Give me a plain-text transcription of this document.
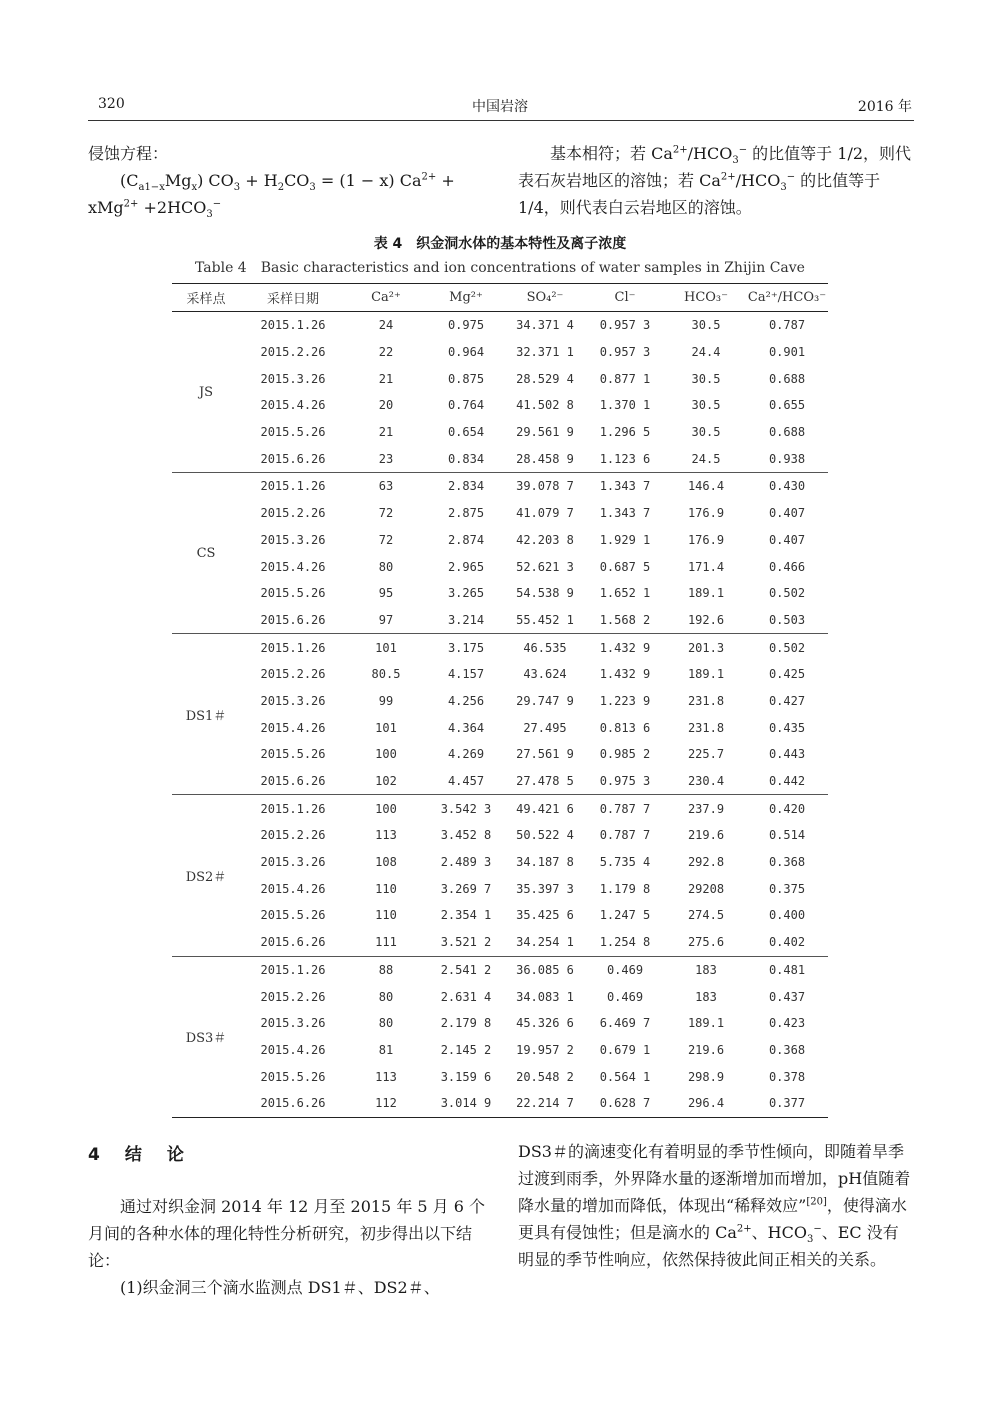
320	中国岩溶	2016 年
侵蚀方程：
$(C_{a1-x}Mg_x) CO_3 + H_2CO_3 = (1 - x) Ca^{2+}$ +
$xMg^{2+} +2HCO_3^-$
基本相符；若 $Ca^{2+}/HCO_3^-$ 的比值等于 1/2，则代表石灰岩地区的溶蚀；若 $Ca^{2+}/HCO_3^-$ 的比值等于 1/4，则代表白云岩地区的溶蚀。
表 4　织金洞水体的基本特性及离子浓度
Table 4　Basic characteristics and ion concentrations of water samples in Zhijin Cave
采样点	采样日期	Ca²⁺	Mg²⁺	SO₄²⁻	Cl⁻	HCO₃⁻	Ca²⁺/HCO₃⁻
JS	2015.1.26	24	0.975	34.371 4	0.957 3	30.5	0.787
	2015.2.26	22	0.964	32.371 1	0.957 3	24.4	0.901
	2015.3.26	21	0.875	28.529 4	0.877 1	30.5	0.688
	2015.4.26	20	0.764	41.502 8	1.370 1	30.5	0.655
	2015.5.26	21	0.654	29.561 9	1.296 5	30.5	0.688
	2015.6.26	23	0.834	28.458 9	1.123 6	24.5	0.938
CS	2015.1.26	63	2.834	39.078 7	1.343 7	146.4	0.430
	2015.2.26	72	2.875	41.079 7	1.343 7	176.9	0.407
	2015.3.26	72	2.874	42.203 8	1.929 1	176.9	0.407
	2015.4.26	80	2.965	52.621 3	0.687 5	171.4	0.466
	2015.5.26	95	3.265	54.538 9	1.652 1	189.1	0.502
	2015.6.26	97	3.214	55.452 1	1.568 2	192.6	0.503
DS1＃	2015.1.26	101	3.175	46.535	1.432 9	201.3	0.502
	2015.2.26	80.5	4.157	43.624	1.432 9	189.1	0.425
	2015.3.26	99	4.256	29.747 9	1.223 9	231.8	0.427
	2015.4.26	101	4.364	27.495	0.813 6	231.8	0.435
	2015.5.26	100	4.269	27.561 9	0.985 2	225.7	0.443
	2015.6.26	102	4.457	27.478 5	0.975 3	230.4	0.442
DS2＃	2015.1.26	100	3.542 3	49.421 6	0.787 7	237.9	0.420
	2015.2.26	113	3.452 8	50.522 4	0.787 7	219.6	0.514
	2015.3.26	108	2.489 3	34.187 8	5.735 4	292.8	0.368
	2015.4.26	110	3.269 7	35.397 3	1.179 8	29208	0.375
	2015.5.26	110	2.354 1	35.425 6	1.247 5	274.5	0.400
	2015.6.26	111	3.521 2	34.254 1	1.254 8	275.6	0.402
DS3＃	2015.1.26	88	2.541 2	36.085 6	0.469	183	0.481
	2015.2.26	80	2.631 4	34.083 1	0.469	183	0.437
	2015.3.26	80	2.179 8	45.326 6	6.469 7	189.1	0.423
	2015.4.26	81	2.145 2	19.957 2	0.679 1	219.6	0.368
	2015.5.26	113	3.159 6	20.548 2	0.564 1	298.9	0.378
	2015.6.26	112	3.014 9	22.214 7	0.628 7	296.4	0.377
4　结　论
通过对织金洞 2014 年 12 月至 2015 年 5 月 6 个月间的各种水体的理化特性分析研究，初步得出以下结论：
(1)织金洞三个滴水监测点 DS1＃、DS2＃、
DS3＃的滴速变化有着明显的季节性倾向，即随着旱季过渡到雨季，外界降水量的逐渐增加而增加，pH值随着降水量的增加而降低，体现出“稀释效应”[20]，使得滴水更具有侵蚀性；但是滴水的 $Ca^{2+}$、$HCO_3^-$、EC 没有明显的季节性响应，依然保持彼此间正相关的关系。
